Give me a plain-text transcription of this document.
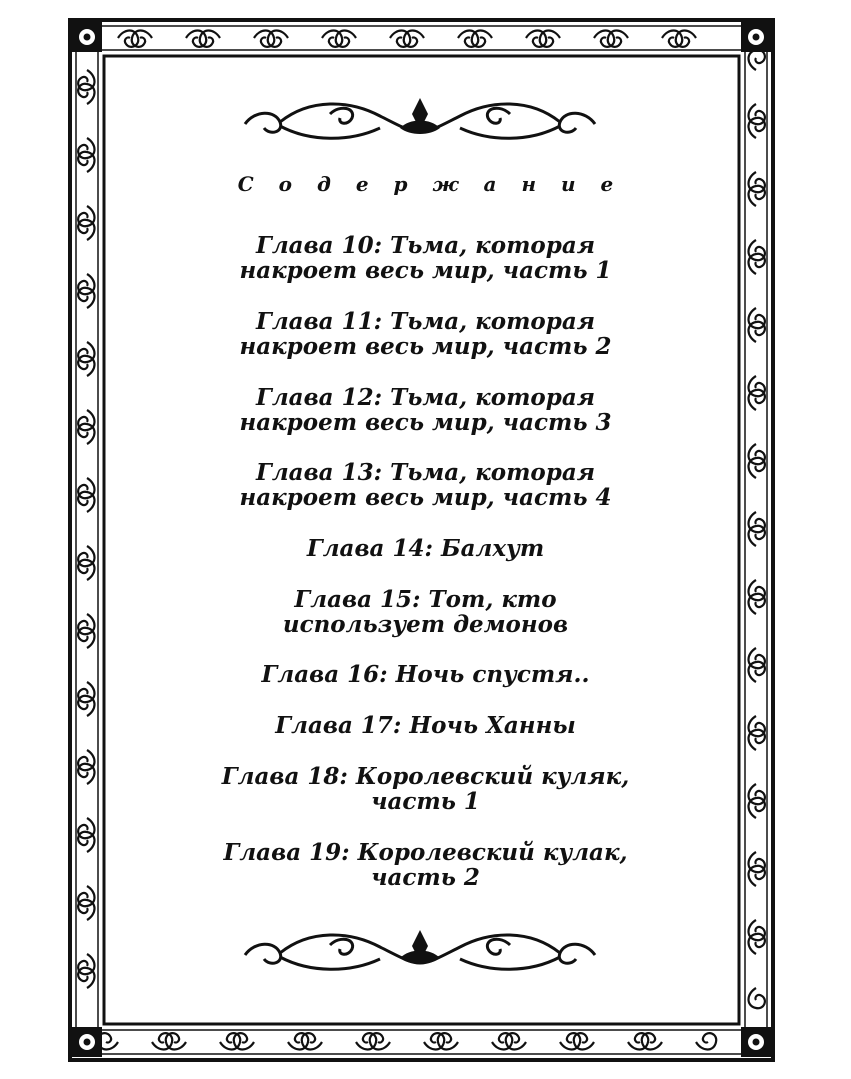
С о д е р ж а н и е
Глава 10: Тьма, которая
накроет весь мир, часть 1
Глава 11: Тьма, которая
накроет весь мир, часть 2
Глава 12: Тьма, которая
накроет весь мир, часть 3
Глава 13: Тьма, которая
накроет весь мир, часть 4
Глава 14: Балхут
Глава 15: Тот, кто
использует демонов
Глава 16: Ночь спустя..
Глава 17: Ночь Ханны
Глава 18: Королевский куляк,
часть 1
Глава 19: Королевский кулак,
часть 2
